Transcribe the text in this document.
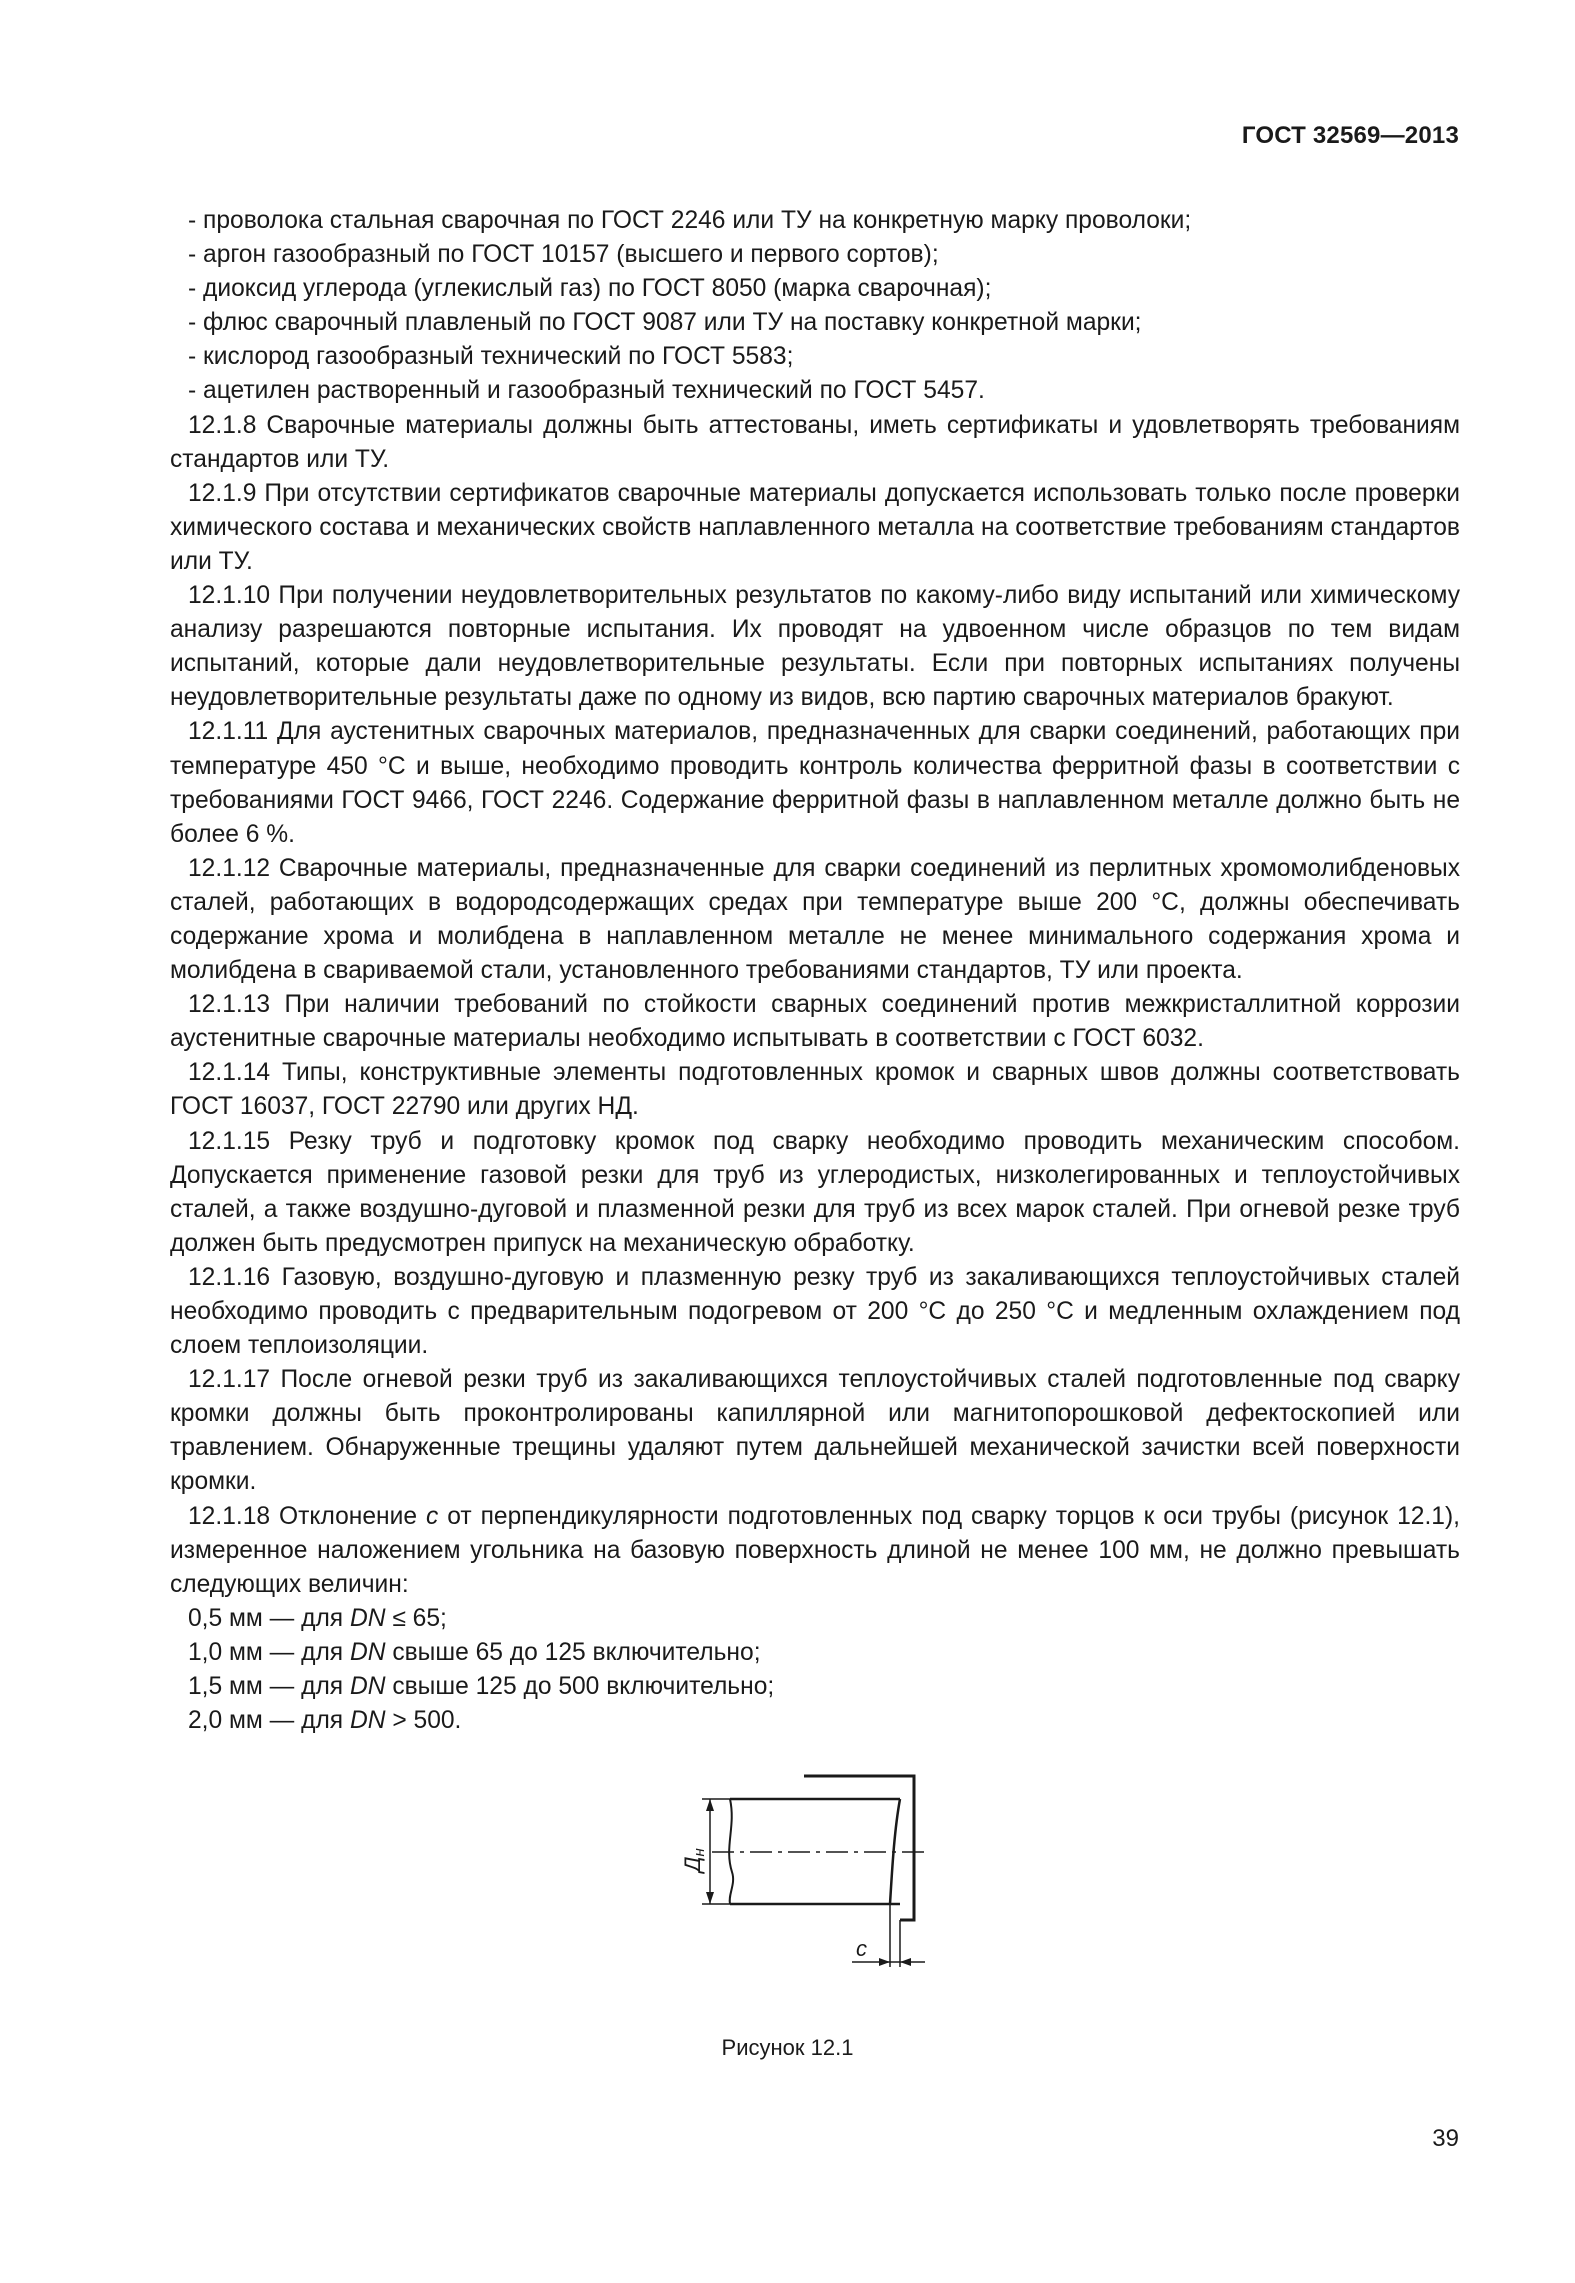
ГОСТ 32569—2013

- проволока стальная сварочная по ГОСТ 2246 или ТУ на конкретную марку проволоки;

- аргон газообразный по ГОСТ 10157 (высшего и первого сортов);

- диоксид углерода (углекислый газ) по ГОСТ 8050 (марка сварочная);

- флюс сварочный плавленый по ГОСТ 9087 или ТУ на поставку конкретной марки;

- кислород газообразный технический по ГОСТ 5583;

- ацетилен растворенный и газообразный технический по ГОСТ 5457.

12.1.8 Сварочные материалы должны быть аттестованы, иметь сертификаты и удовлетворять требованиям стандартов или ТУ.

12.1.9 При отсутствии сертификатов сварочные материалы допускается использовать только после проверки химического состава и механических свойств наплавленного металла на соответствие требованиям стандартов или ТУ.

12.1.10 При получении неудовлетворительных результатов по какому-либо виду испытаний или химическому анализу разрешаются повторные испытания. Их проводят на удвоенном числе образцов по тем видам испытаний, которые дали неудовлетворительные результаты. Если при повторных испытаниях получены неудовлетворительные результаты даже по одному из видов, всю партию сварочных материалов бракуют.

12.1.11 Для аустенитных сварочных материалов, предназначенных для сварки соединений, работающих при температуре 450 °С и выше, необходимо проводить контроль количества ферритной фазы в соответствии с требованиями ГОСТ 9466, ГОСТ 2246. Содержание ферритной фазы в наплавленном металле должно быть не более 6 %.

12.1.12 Сварочные материалы, предназначенные для сварки соединений из перлитных хромомолибденовых сталей, работающих в водородсодержащих средах при температуре выше 200 °С, должны обеспечивать содержание хрома и молибдена в наплавленном металле не менее минимального содержания хрома и молибдена в свариваемой стали, установленного требованиями стандартов, ТУ или проекта.

12.1.13 При наличии требований по стойкости сварных соединений против межкристаллитной коррозии аустенитные сварочные материалы необходимо испытывать в соответствии с ГОСТ 6032.

12.1.14 Типы, конструктивные элементы подготовленных кромок и сварных швов должны соответствовать ГОСТ 16037, ГОСТ 22790 или других НД.

12.1.15 Резку труб и подготовку кромок под сварку необходимо проводить механическим способом. Допускается применение газовой резки для труб из углеродистых, низколегированных и теплоустойчивых сталей, а также воздушно-дуговой и плазменной резки для труб из всех марок сталей. При огневой резке труб должен быть предусмотрен припуск на механическую обработку.

12.1.16 Газовую, воздушно-дуговую и плазменную резку труб из закаливающихся теплоустойчивых сталей необходимо проводить с предварительным подогревом от 200 °С до 250 °С и медленным охлаждением под слоем теплоизоляции.

12.1.17 После огневой резки труб из закаливающихся теплоустойчивых сталей подготовленные под сварку кромки должны быть проконтролированы капиллярной или магнитопорошковой дефектоскопией или травлением. Обнаруженные трещины удаляют путем дальнейшей механической зачистки всей поверхности кромки.

12.1.18 Отклонение c от перпендикулярности подготовленных под сварку торцов к оси трубы (рисунок 12.1), измеренное наложением угольника на базовую поверхность длиной не менее 100 мм, не должно превышать следующих величин:

0,5 мм — для DN ≤ 65;

1,0 мм — для DN свыше 65 до 125 включительно;

1,5 мм — для DN свыше 125 до 500 включительно;

2,0 мм — для DN > 500.

Дн
c
Рисунок 12.1
39
